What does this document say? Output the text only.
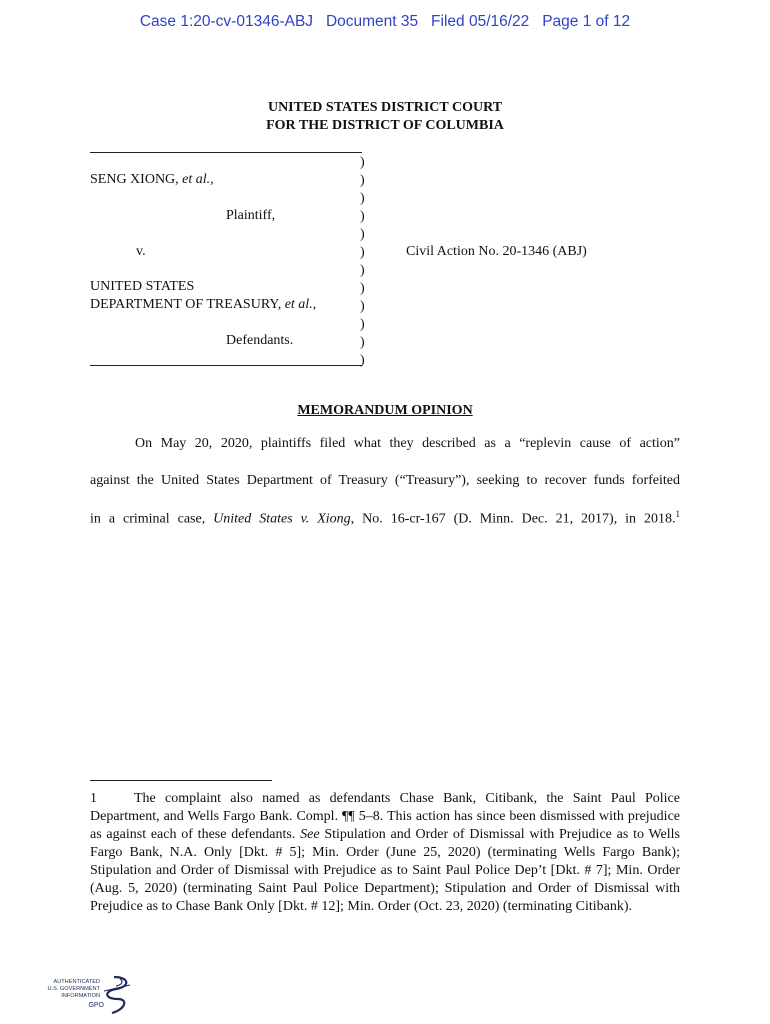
Case 1:20-cv-01346-ABJ   Document 35   Filed 05/16/22   Page 1 of 12
UNITED STATES DISTRICT COURT
FOR THE DISTRICT OF COLUMBIA
)
)
)
)
)
)
)
)
)
)
)
)
SENG XIONG, et al.,
Plaintiff,
v.
UNITED STATES
DEPARTMENT OF TREASURY, et al.,
Defendants.
Civil Action No. 20-1346 (ABJ)
MEMORANDUM OPINION

On May 20, 2020, plaintiffs filed what they described as a “replevin cause of action”

against the United States Department of Treasury (“Treasury”), seeking to recover funds forfeited

in a criminal case, United States v. Xiong, No. 16-cr-167 (D. Minn. Dec. 21, 2017), in 2018.$^1$

1	The complaint also named as defendants Chase Bank, Citibank, the Saint Paul Police Department, and Wells Fargo Bank. Compl. ¶¶ 5–8. This action has since been dismissed with prejudice as against each of these defendants. See Stipulation and Order of Dismissal with Prejudice as to Wells Fargo Bank, N.A. Only [Dkt. # 5]; Min. Order (June 25, 2020) (terminating Wells Fargo Bank); Stipulation and Order of Dismissal with Prejudice as to Saint Paul Police Dep’t [Dkt. # 7]; Min. Order (Aug. 5, 2020) (terminating Saint Paul Police Department); Stipulation and Order of Dismissal with Prejudice as to Chase Bank Only [Dkt. # 12]; Min. Order (Oct. 23, 2020) (terminating Citibank).
AUTHENTICATED
U.S. GOVERNMENT
INFORMATION
GPO
